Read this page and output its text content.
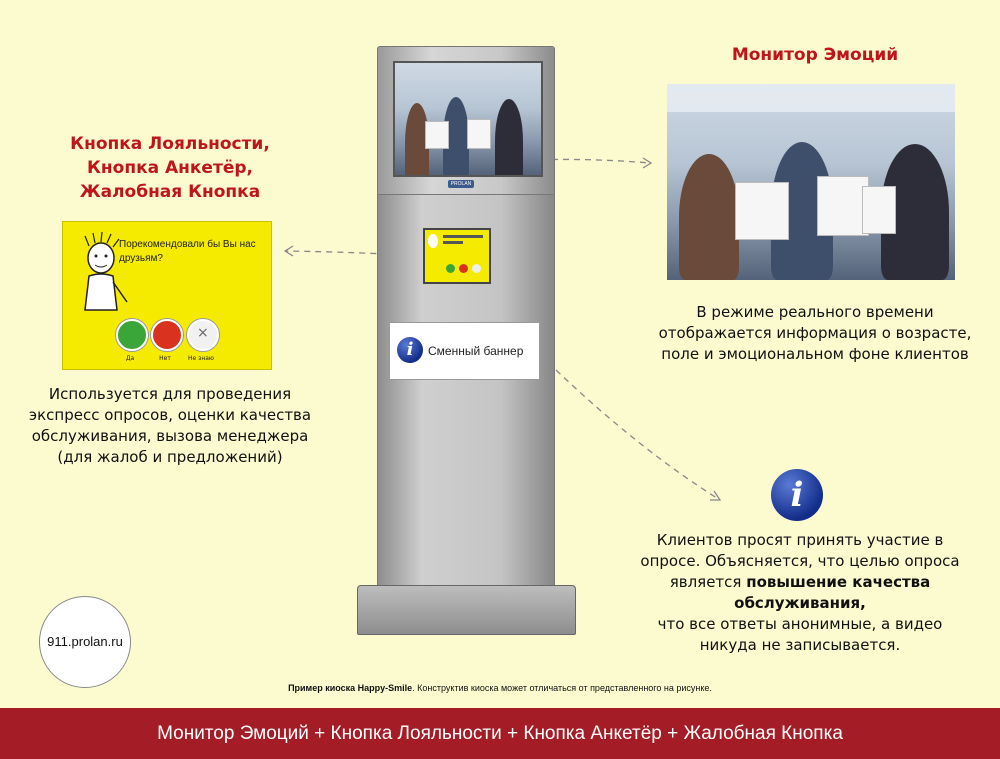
Кнопка Лояльности,
Кнопка Анкетёр,
Жалобная Кнопка
Порекомендовали бы Вы нас друзьям?
×
Да	Нет	Не знаю
Используется для проведения
экспресс опросов, оценки качества
обслуживания, вызова менеджера
(для жалоб и предложений)
PROLAN
i	Сменный баннер
Монитор Эмоций
В режиме реального времени
отображается информация о возрасте,
поле и эмоциональном фоне клиентов
i
Клиентов просят принять участие в
опросе. Объясняется, что целью опроса
является повышение качества
обслуживания,
что все ответы анонимные, а видео
никуда не записывается.
911.prolan.ru
Пример киоска Happy-Smile. Конструктив киоска может отличаться от представленного на рисунке.
Монитор Эмоций + Кнопка Лояльности + Кнопка Анкетёр + Жалобная Кнопка
